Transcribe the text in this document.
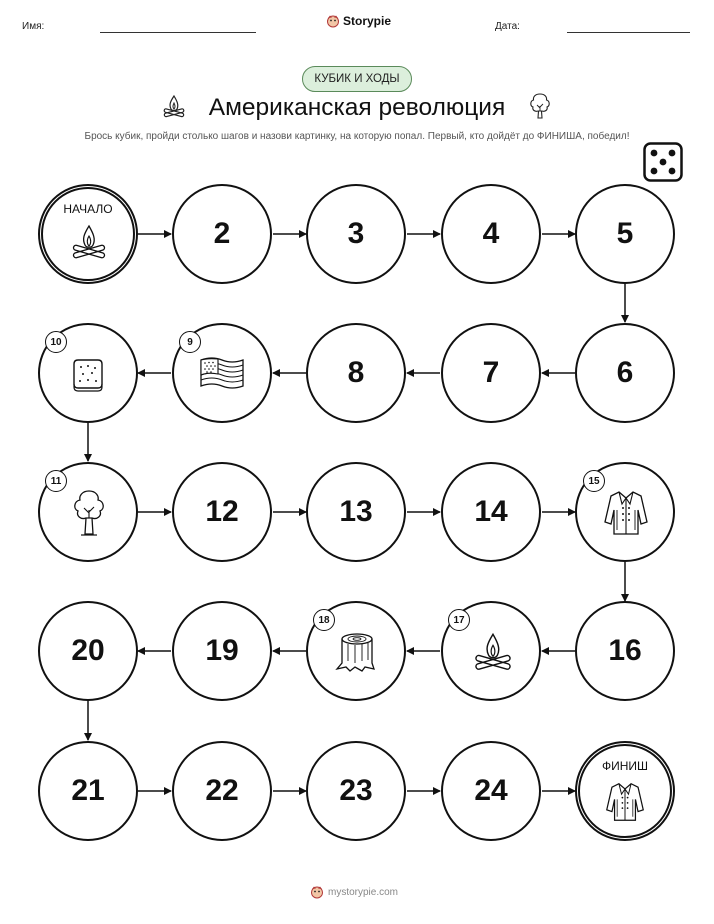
Имя:	Storypie	Дата:
КУБИК И ХОДЫ
Американская революция
Брось кубик, пройди столько шагов и назови картинку, на которую попал. Первый, кто дойдёт до ФИНИША, победил!
НАЧАЛО
2	3	4	5
10	9
8	7	6
11
12	13	14
15
20	19
18	17
16
21	22	23	24
ФИНИШ
mystorypie.com
